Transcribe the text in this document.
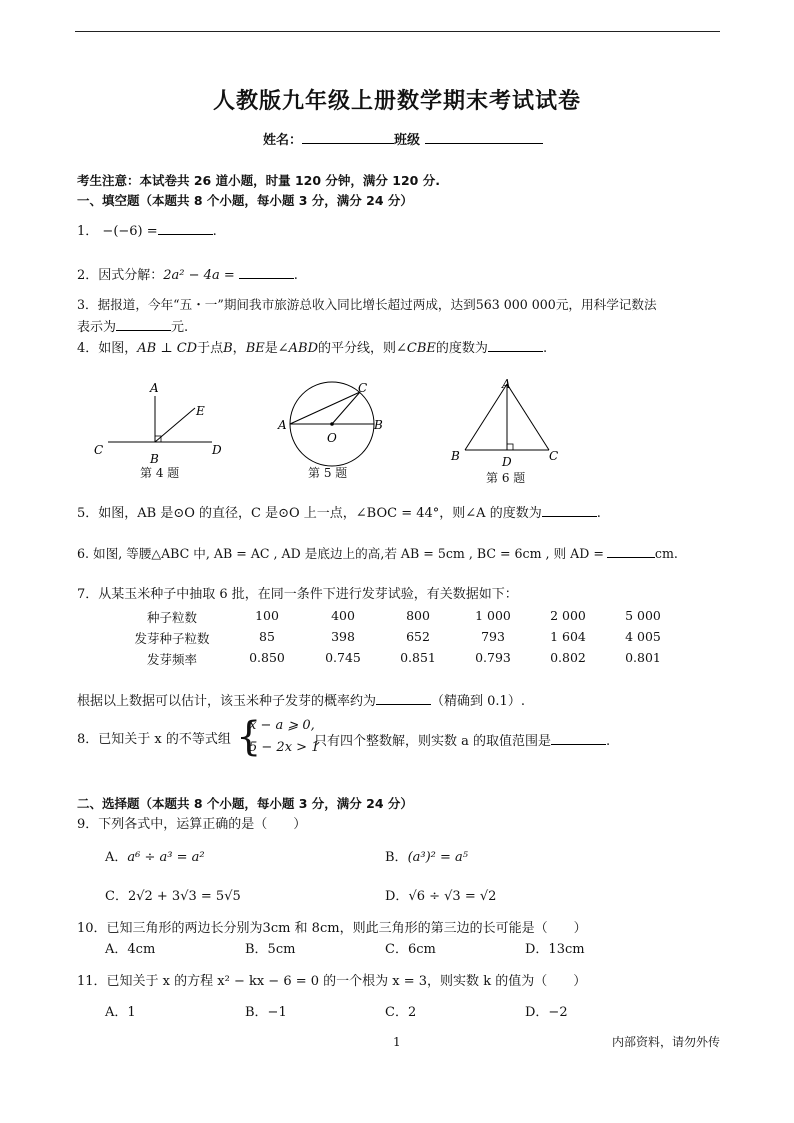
人教版九年级上册数学期末考试试卷
姓名：	班级
考生注意：本试卷共 26 道小题，时量 120 分钟，满分 120 分.
一、填空题（本题共 8 个小题，每小题 3 分，满分 24 分）
1． −(−6) =	.
2．因式分解：2a² − 4a =	.
3．据报道，今年“五・一”期间我市旅游总收入同比增长超过两成，达到563 000 000元，用科学记数法
表示为	元.
4．如图，AB ⊥ CD于点B，BE是∠ABD的平分线，则∠CBE的度数为	.
A
E
C
B
D
第 4 题
C
A
O
B
第 5 题
A
B	D	C
第 6 题
5．如图，AB 是⊙O 的直径，C 是⊙O 上一点，∠BOC = 44°，则∠A 的度数为	.
6. 如图, 等腰△ABC 中, AB = AC , AD 是底边上的高,若 AB = 5cm , BC = 6cm , 则 AD =	cm.
7．从某玉米种子中抽取 6 批，在同一条件下进行发芽试验，有关数据如下：
种子粒数	100	400	800	1 000	2 000	5 000
发芽种子粒数	85	398	652	793	1 604	4 005
发芽频率	0.850	0.745	0.851	0.793	0.802	0.801
根据以上数据可以估计，该玉米种子发芽的概率约为	（精确到 0.1）.
8．已知关于 x 的不等式组 {
x − a ⩾ 0,
5 − 2x > 1
只有四个整数解，则实数 a 的取值范围是	.
二、选择题（本题共 8 个小题，每小题 3 分，满分 24 分）
9．下列各式中，运算正确的是（　　）
A．a⁶ ÷ a³ = a²	B．(a³)² = a⁵
C．2√2 + 3√3 = 5√5	D．√6 ÷ √3 = √2
10．已知三角形的两边长分别为3cm 和 8cm，则此三角形的第三边的长可能是（　　）
A．4cm	B．5cm	C．6cm	D．13cm
11．已知关于 x 的方程 x² − kx − 6 = 0 的一个根为 x = 3，则实数 k 的值为（　　）
A．1	B．−1	C．2	D．−2
1	内部资料，请勿外传
